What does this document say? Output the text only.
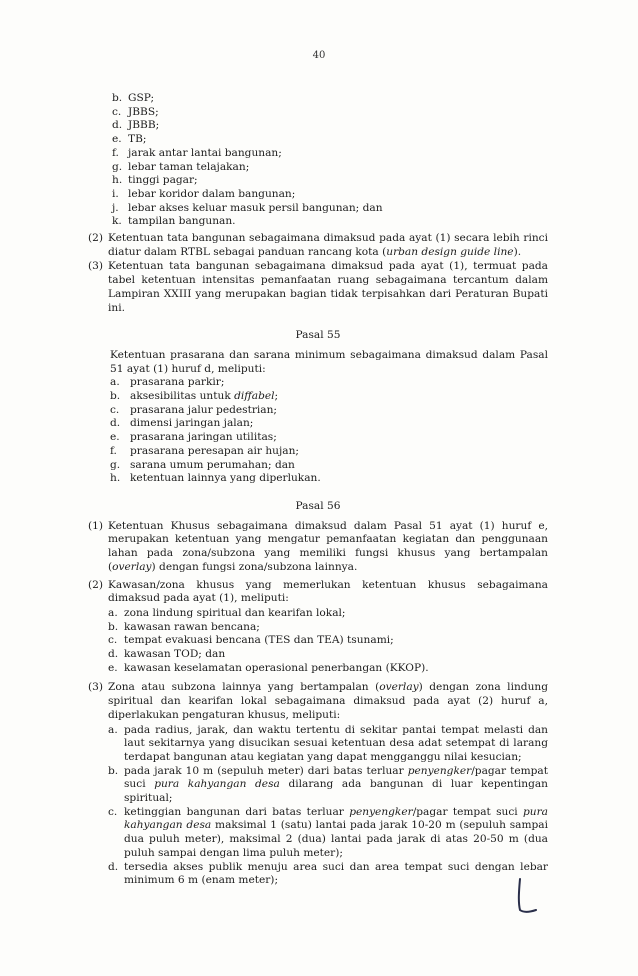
40
b. GSP;
c. JBBS;
d. JBBB;
e. TB;
f. jarak antar lantai bangunan;
g. lebar taman telajakan;
h. tinggi pagar;
i. lebar koridor dalam bangunan;
j. lebar akses keluar masuk persil bangunan; dan
k. tampilan bangunan.
(2) Ketentuan tata bangunan sebagaimana dimaksud pada ayat (1) secara lebih rinci diatur dalam RTBL sebagai panduan rancang kota (urban design guide line).
(3) Ketentuan tata bangunan sebagaimana dimaksud pada ayat (1), termuat pada tabel ketentuan intensitas pemanfaatan ruang sebagaimana tercantum dalam Lampiran XXIII yang merupakan bagian tidak terpisahkan dari Peraturan Bupati ini.
Pasal 55
Ketentuan prasarana dan sarana minimum sebagaimana dimaksud dalam Pasal 51 ayat (1) huruf d, meliputi:
a. prasarana parkir;
b. aksesibilitas untuk diffabel;
c.	prasarana jalur pedestrian;
d. dimensi jaringan jalan;
e. prasarana jaringan utilitas;
f.	prasarana peresapan air hujan;
g. sarana umum perumahan; dan
h. ketentuan lainnya yang diperlukan.
Pasal 56
(1) Ketentuan Khusus sebagaimana dimaksud dalam Pasal 51 ayat (1) huruf e, merupakan ketentuan yang mengatur pemanfaatan kegiatan dan penggunaan lahan pada zona/subzona yang memiliki fungsi khusus yang bertampalan (overlay) dengan fungsi zona/subzona lainnya.
(2) Kawasan/zona khusus yang memerlukan ketentuan khusus sebagaimana dimaksud pada ayat (1), meliputi:
a. zona lindung spiritual dan kearifan lokal;
b. kawasan rawan bencana;
c. tempat evakuasi bencana (TES dan TEA) tsunami;
d. kawasan TOD; dan
e. kawasan keselamatan operasional penerbangan (KKOP).
(3) Zona atau subzona lainnya yang bertampalan (overlay) dengan zona lindung spiritual dan kearifan lokal sebagaimana dimaksud pada ayat (2) huruf a, diperlakukan pengaturan khusus, meliputi:
a. pada radius, jarak, dan waktu tertentu di sekitar pantai tempat melasti dan laut sekitarnya yang disucikan sesuai ketentuan desa adat setempat di larang terdapat bangunan atau kegiatan yang dapat mengganggu nilai kesucian;
b. pada jarak 10 m (sepuluh meter) dari batas terluar penyengker/pagar tempat suci pura kahyangan desa dilarang ada bangunan di luar kepentingan spiritual;
c. ketinggian bangunan dari batas terluar penyengker/pagar tempat suci pura kahyangan desa maksimal 1 (satu) lantai pada jarak 10-20 m (sepuluh sampai dua puluh meter), maksimal 2 (dua) lantai pada jarak di atas 20-50 m (dua puluh sampai dengan lima puluh meter);
d. tersedia akses publik menuju area suci dan area tempat suci dengan lebar minimum 6 m (enam meter);
